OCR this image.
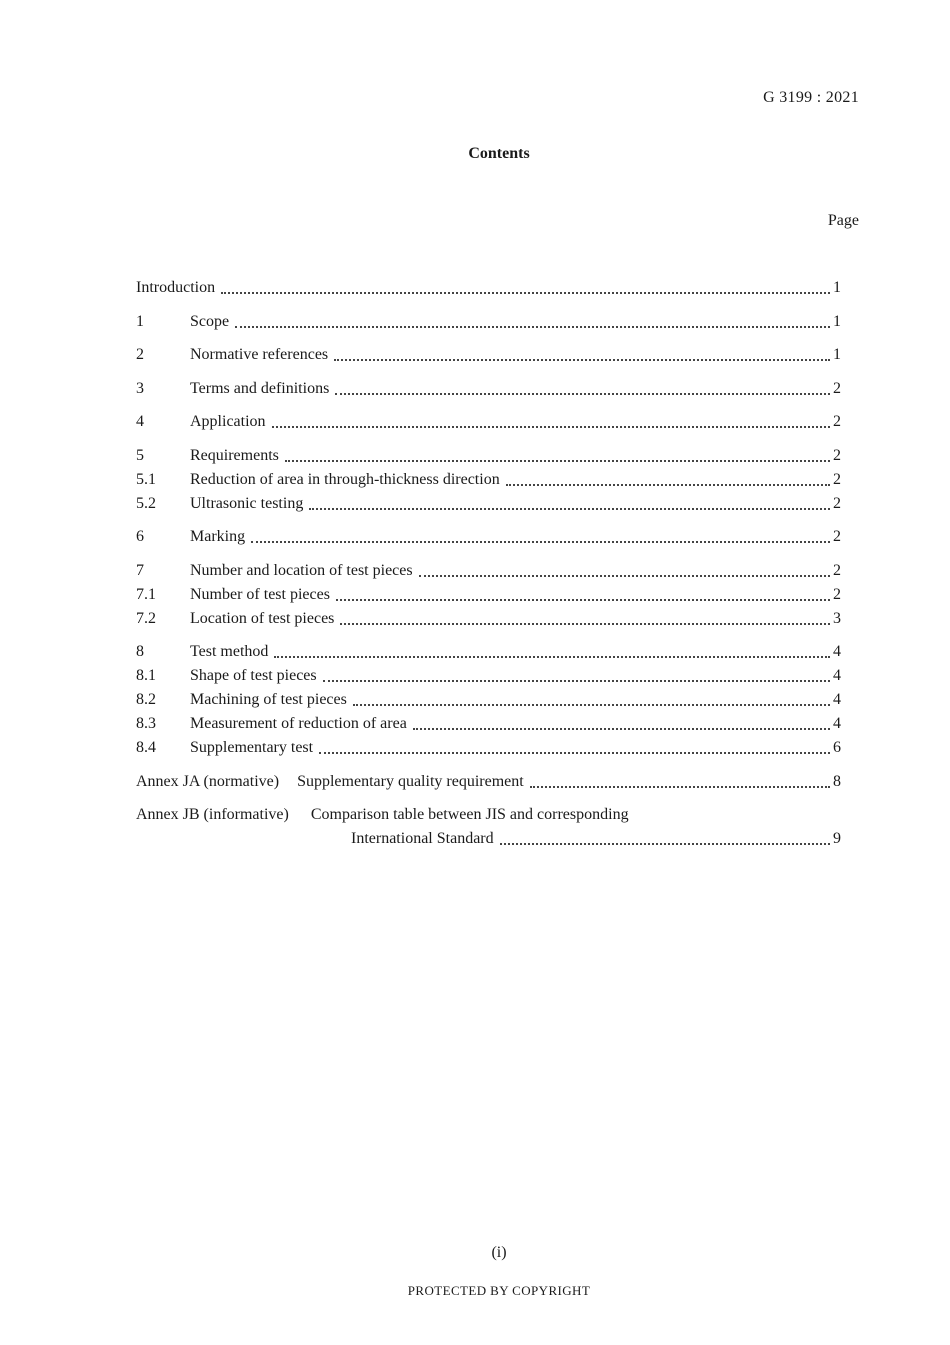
G 3199 : 2021
Contents
Page
Introduction	1
1	Scope	1
2	Normative references	1
3	Terms and definitions	2
4	Application	2
5	Requirements	2
5.1	Reduction of area in through-thickness direction	2
5.2	Ultrasonic testing	2
6	Marking	2
7	Number and location of test pieces	2
7.1	Number of test pieces	2
7.2	Location of test pieces	3
8	Test method	4
8.1	Shape of test pieces	4
8.2	Machining of test pieces	4
8.3	Measurement of reduction of area	4
8.4	Supplementary test	6
Annex JA (normative) Supplementary quality requirement	8
Annex JB (informative) Comparison table between JIS and corresponding
International Standard	9
(i)
PROTECTED BY COPYRIGHT
